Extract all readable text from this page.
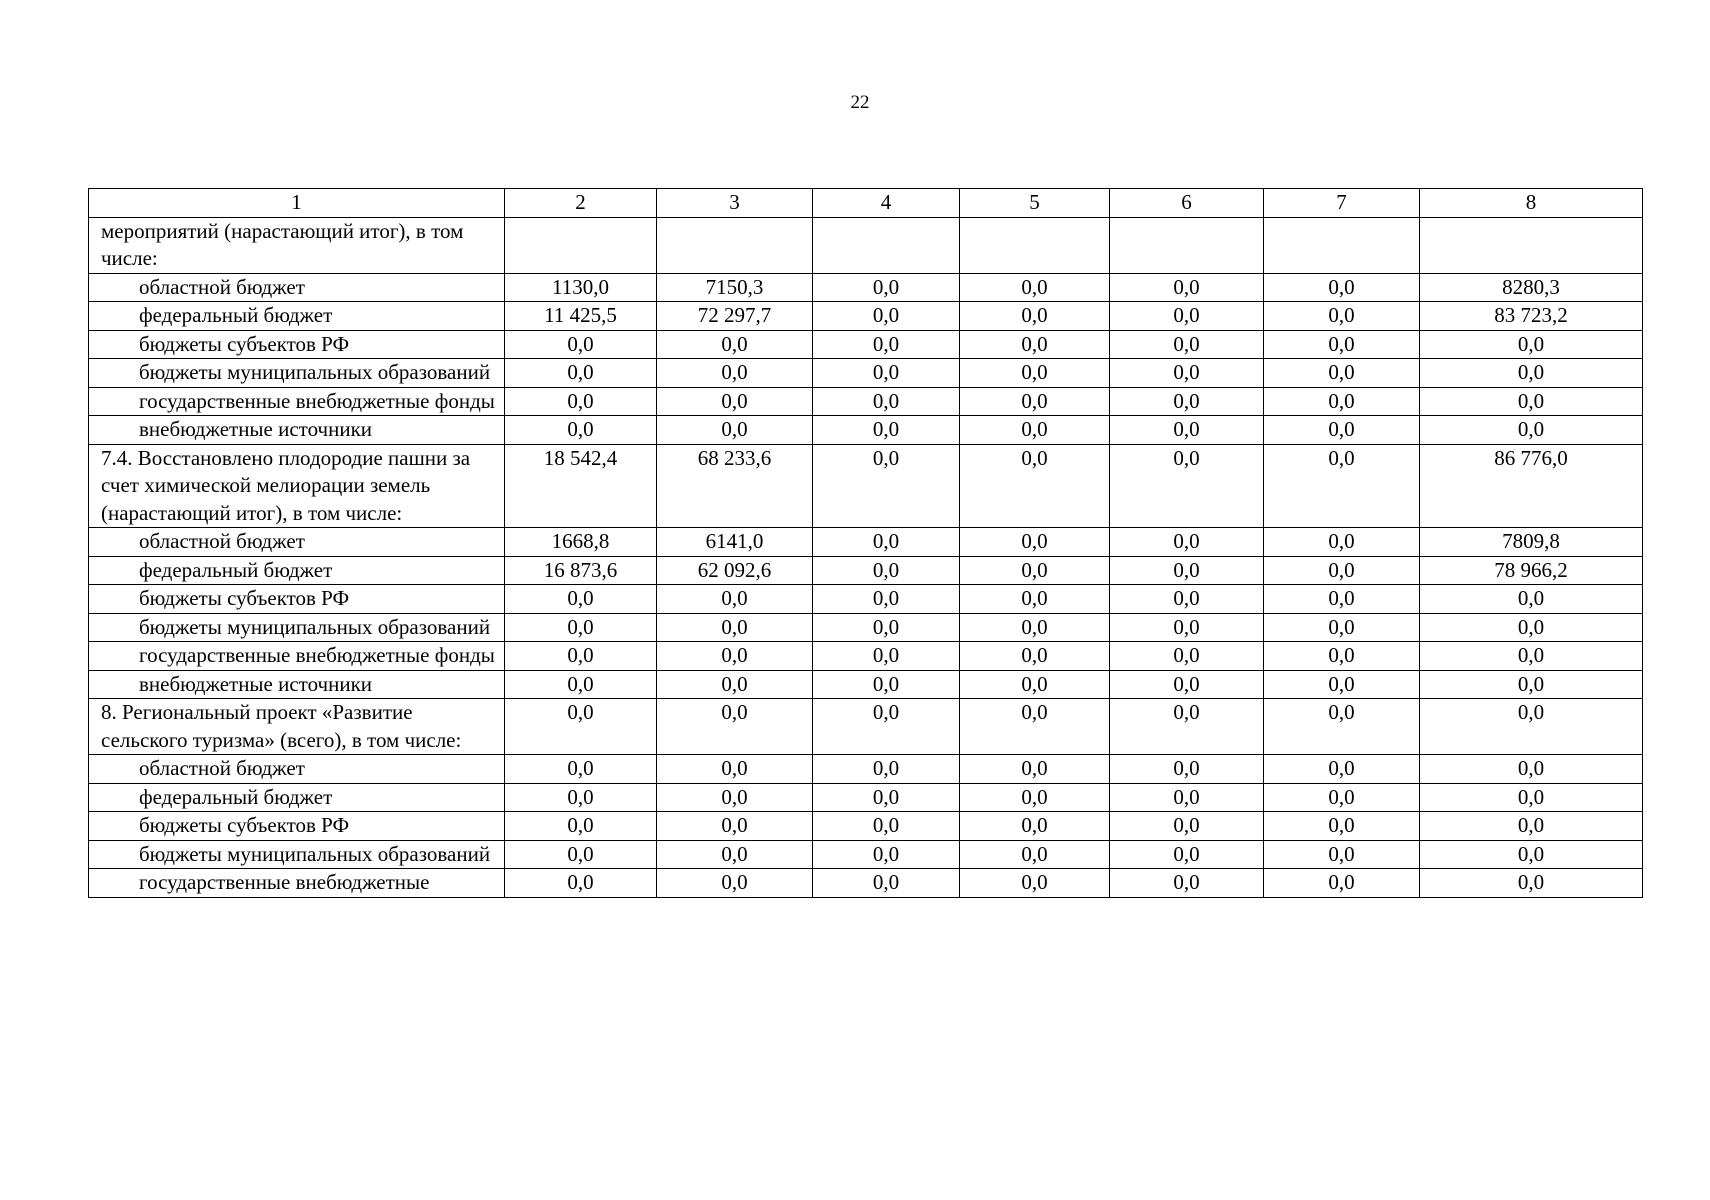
22
1	2	3	4	5	6	7	8
мероприятий (нарастающий итог), в том числе:							
областной бюджет	1130,0	7150,3	0,0	0,0	0,0	0,0	8280,3
федеральный бюджет	11 425,5	72 297,7	0,0	0,0	0,0	0,0	83 723,2
бюджеты субъектов РФ	0,0	0,0	0,0	0,0	0,0	0,0	0,0
бюджеты муниципальных образований	0,0	0,0	0,0	0,0	0,0	0,0	0,0
государственные внебюджетные фонды	0,0	0,0	0,0	0,0	0,0	0,0	0,0
внебюджетные источники	0,0	0,0	0,0	0,0	0,0	0,0	0,0
7.4. Восстановлено плодородие пашни за счет химической мелиорации земель (нарастающий итог), в том числе:	18 542,4	68 233,6	0,0	0,0	0,0	0,0	86 776,0
областной бюджет	1668,8	6141,0	0,0	0,0	0,0	0,0	7809,8
федеральный бюджет	16 873,6	62 092,6	0,0	0,0	0,0	0,0	78 966,2
бюджеты субъектов РФ	0,0	0,0	0,0	0,0	0,0	0,0	0,0
бюджеты муниципальных образований	0,0	0,0	0,0	0,0	0,0	0,0	0,0
государственные внебюджетные фонды	0,0	0,0	0,0	0,0	0,0	0,0	0,0
внебюджетные источники	0,0	0,0	0,0	0,0	0,0	0,0	0,0
8. Региональный проект «Развитие сельского туризма» (всего), в том числе:	0,0	0,0	0,0	0,0	0,0	0,0	0,0
областной бюджет	0,0	0,0	0,0	0,0	0,0	0,0	0,0
федеральный бюджет	0,0	0,0	0,0	0,0	0,0	0,0	0,0
бюджеты субъектов РФ	0,0	0,0	0,0	0,0	0,0	0,0	0,0
бюджеты муниципальных образований	0,0	0,0	0,0	0,0	0,0	0,0	0,0
государственные внебюджетные	0,0	0,0	0,0	0,0	0,0	0,0	0,0
